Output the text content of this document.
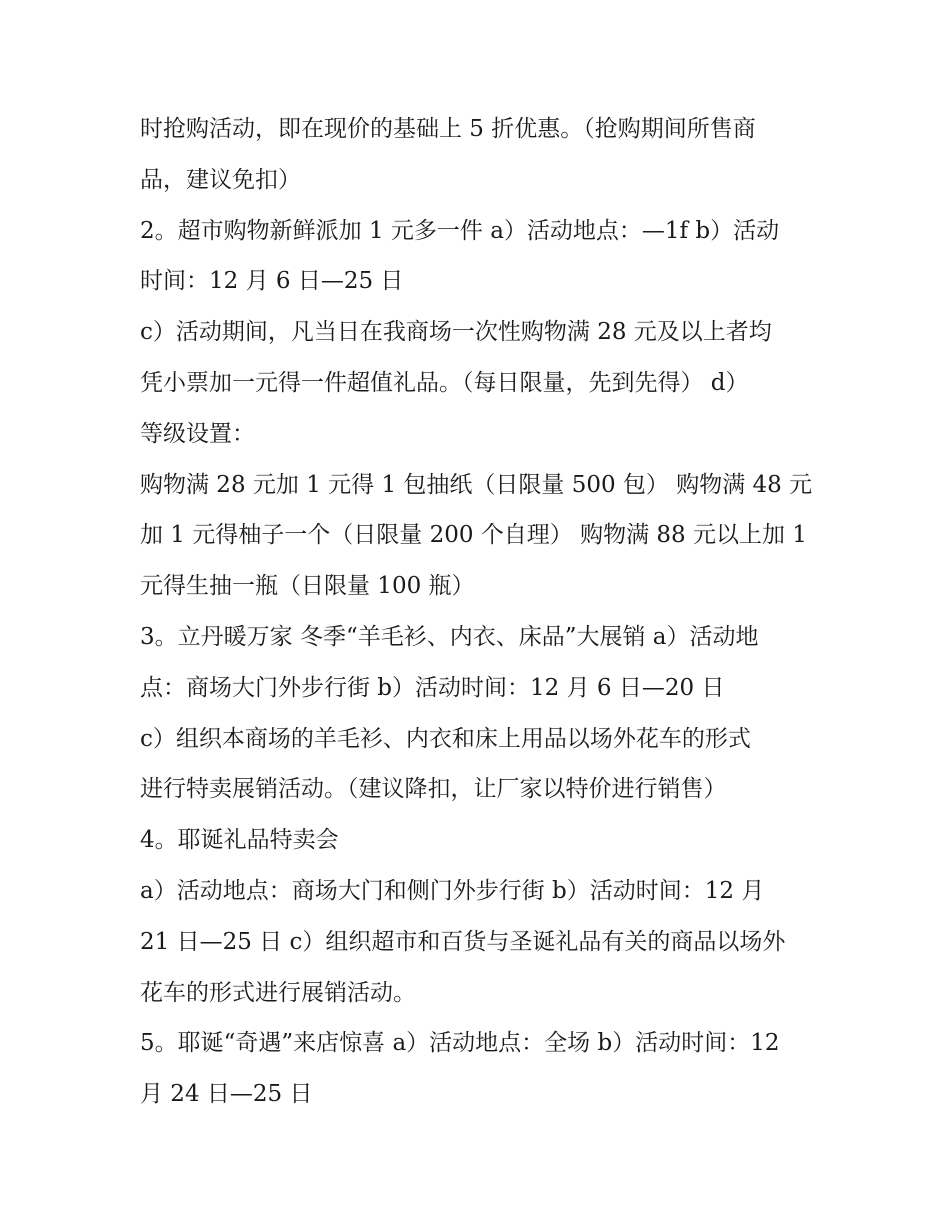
时抢购活动，即在现价的基础上 5 折优惠。（抢购期间所售商
品，建议免扣）
2。超市购物新鲜派加 1 元多一件 a）活动地点：—1f b）活动
时间：12 月 6 日—25 日
c）活动期间，凡当日在我商场一次性购物满 28 元及以上者均
凭小票加一元得一件超值礼品。（每日限量，先到先得） d）
等级设置：
购物满 28 元加 1 元得 1 包抽纸（日限量 500 包） 购物满 48 元
加 1 元得柚子一个（日限量 200 个自理） 购物满 88 元以上加 1
元得生抽一瓶（日限量 100 瓶）
3。立丹暖万家 冬季“羊毛衫、内衣、床品”大展销 a）活动地
点：商场大门外步行街 b）活动时间：12 月 6 日—20 日
c）组织本商场的羊毛衫、内衣和床上用品以场外花车的形式
进行特卖展销活动。（建议降扣，让厂家以特价进行销售）
4。耶诞礼品特卖会
a）活动地点：商场大门和侧门外步行街 b）活动时间：12 月
21 日—25 日 c）组织超市和百货与圣诞礼品有关的商品以场外
花车的形式进行展销活动。
5。耶诞“奇遇”来店惊喜 a）活动地点：全场 b）活动时间：12
月 24 日—25 日
